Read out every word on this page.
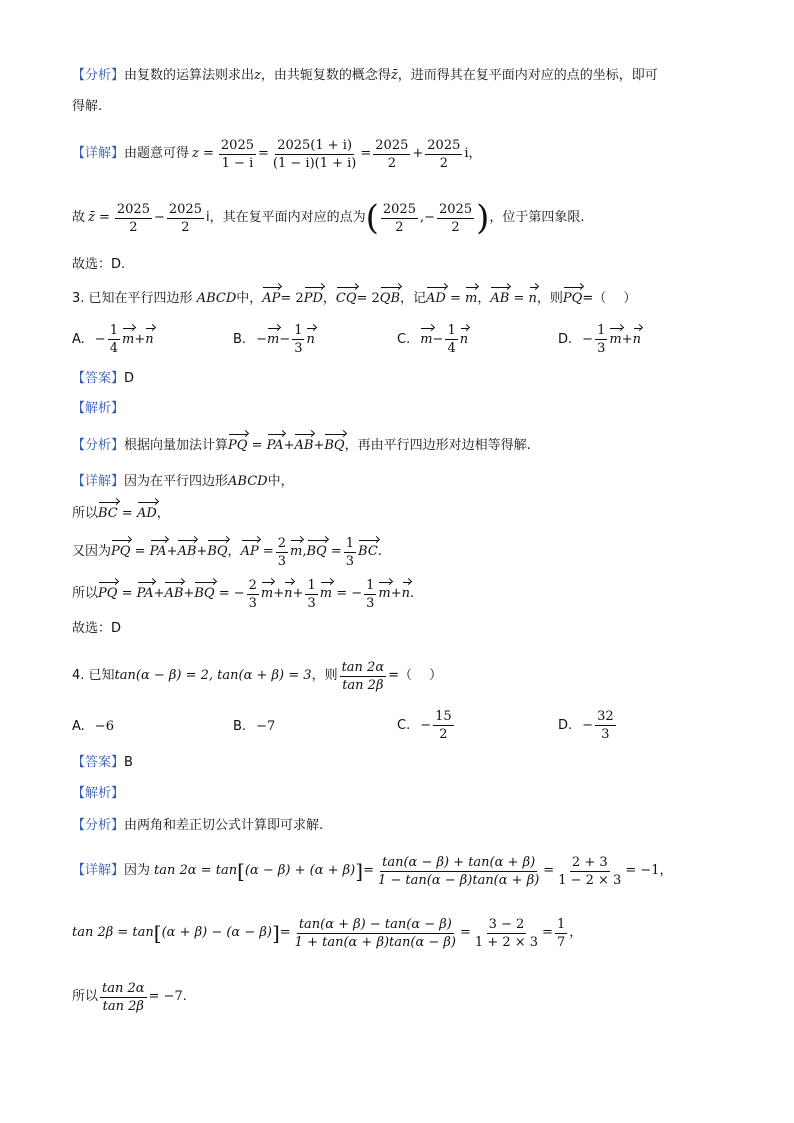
【分析】由复数的运算法则求出z，由共轭复数的概念得z̄，进而得其在复平面内对应的点的坐标，即可
得解.
【详解】 由题意可得 $z = \frac{2025}{1 - i} = \frac{2025(1 + i)}{(1 - i)(1 + i)} = \frac{2025}{2} + \frac{2025}{2}$ i，
故 z̄ = $\frac{2025}{2} - \frac{2025}{2}$ i，其在复平面内对应的点为 ( $\frac{2025}{2}$ ,− $\frac{2025}{2}$ ) ，位于第四象限.
故选：D.
3. 已知在平行四边形 ABCD中，AP= 2PD，CQ= 2QB，记AD = m，AB = n，则PQ=（　 ）
A. − $\frac{1}{4}$ m + n	B. − $m - \frac{1}{3}$ n	C. $m - \frac{1}{4}$ n	D. − $\frac{1}{3}$ m + n
【答案】D
【解析】
【分析】根据向量加法计算PQ = PA+AB+BQ，再由平行四边形对边相等得解.
【详解】因为在平行四边形ABCD中，
所以BC = AD，
又因为 PQ
=
PA + AB + BQ ， AP
= $\frac{2}{3}$ m , BQ
= $\frac{1}{3}$ BC .
所以 PQ
=
PA + AB + BQ
=
− $\frac{2}{3}$ $m + n + \frac{1}{3}$ m
=
− $\frac{1}{3}$ m + n .
故选：D
4. 已知 tan(α − β) = 2, tan(α + β) = 3 ，则 $\frac{\tan 2\alpha}{\tan 2\beta}$ =（　 ）
A. −6	B. −7	C. − $\frac{15}{2}$	D. − $\frac{32}{3}$
【答案】B
【解析】
【分析】由两角和差正切公式计算即可求解.
【详解】 因为 tan 2α = tan [ (α − β) + (α + β) ] = $\frac{\tan(\alpha - \beta) + \tan(\alpha + \beta)}{1 - \tan(\alpha - \beta)\tan(\alpha + \beta)} = \frac{2 + 3}{1 - 2 \times 3} = -1$，
tan 2β = tan [ (α + β) − (α − β) ] = $\frac{\tan(\alpha + \beta) - \tan(\alpha - \beta)}{1 + \tan(\alpha + \beta)\tan(\alpha - \beta)} = \frac{3 - 2}{1 + 2 \times 3} = \frac{1}{7}$ ，
所以 $\frac{\tan 2\alpha}{\tan 2\beta} = -7$ .
